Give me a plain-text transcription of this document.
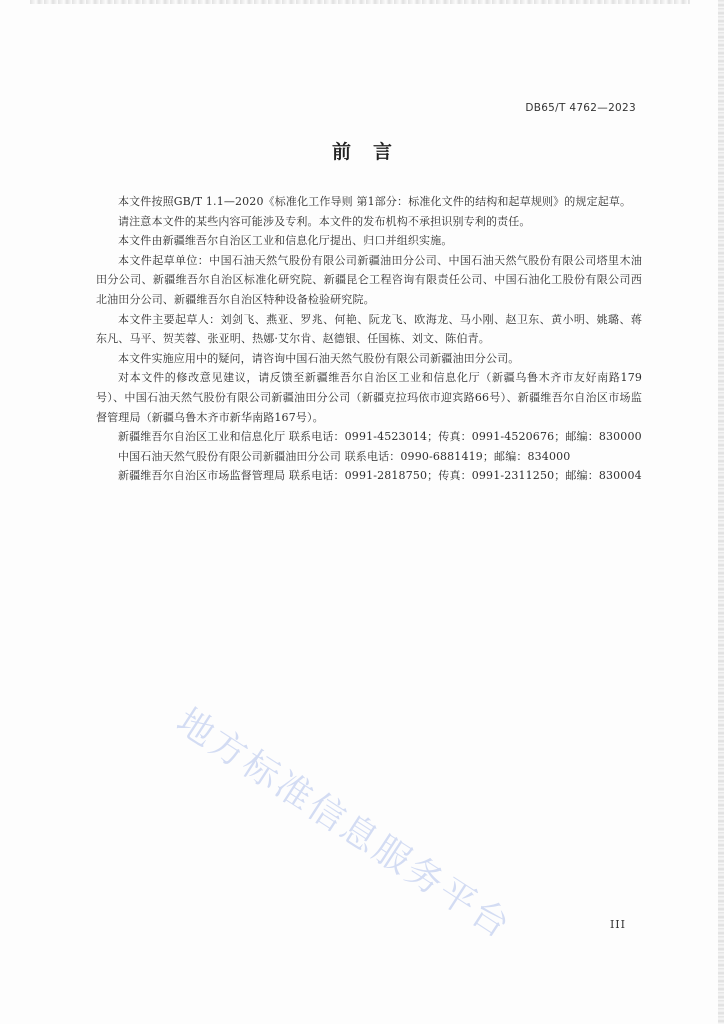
DB65/T 4762—2023
前言

本文件按照GB/T 1.1—2020《标准化工作导则 第1部分：标准化文件的结构和起草规则》的规定起草。

请注意本文件的某些内容可能涉及专利。本文件的发布机构不承担识别专利的责任。

本文件由新疆维吾尔自治区工业和信息化厅提出、归口并组织实施。

本文件起草单位：中国石油天然气股份有限公司新疆油田分公司、中国石油天然气股份有限公司塔里木油田分公司、新疆维吾尔自治区标准化研究院、新疆昆仑工程咨询有限责任公司、中国石油化工股份有限公司西北油田分公司、新疆维吾尔自治区特种设备检验研究院。

本文件主要起草人：刘剑飞、燕亚、罗兆、何艳、阮龙飞、欧海龙、马小刚、赵卫东、黄小明、姚璐、蒋东凡、马平、贺芙蓉、张亚明、热娜·艾尔肯、赵德银、任国栋、刘文、陈伯青。

本文件实施应用中的疑问，请咨询中国石油天然气股份有限公司新疆油田分公司。

对本文件的修改意见建议，请反馈至新疆维吾尔自治区工业和信息化厅（新疆乌鲁木齐市友好南路179号）、中国石油天然气股份有限公司新疆油田分公司（新疆克拉玛依市迎宾路66号）、新疆维吾尔自治区市场监督管理局（新疆乌鲁木齐市新华南路167号）。

新疆维吾尔自治区工业和信息化厅 联系电话：0991-4523014；传真：0991-4520676；邮编：830000

中国石油天然气股份有限公司新疆油田分公司 联系电话：0990-6881419；邮编：834000

新疆维吾尔自治区市场监督管理局 联系电话：0991-2818750；传真：0991-2311250；邮编：830004

地方标准信息服务平台	III
